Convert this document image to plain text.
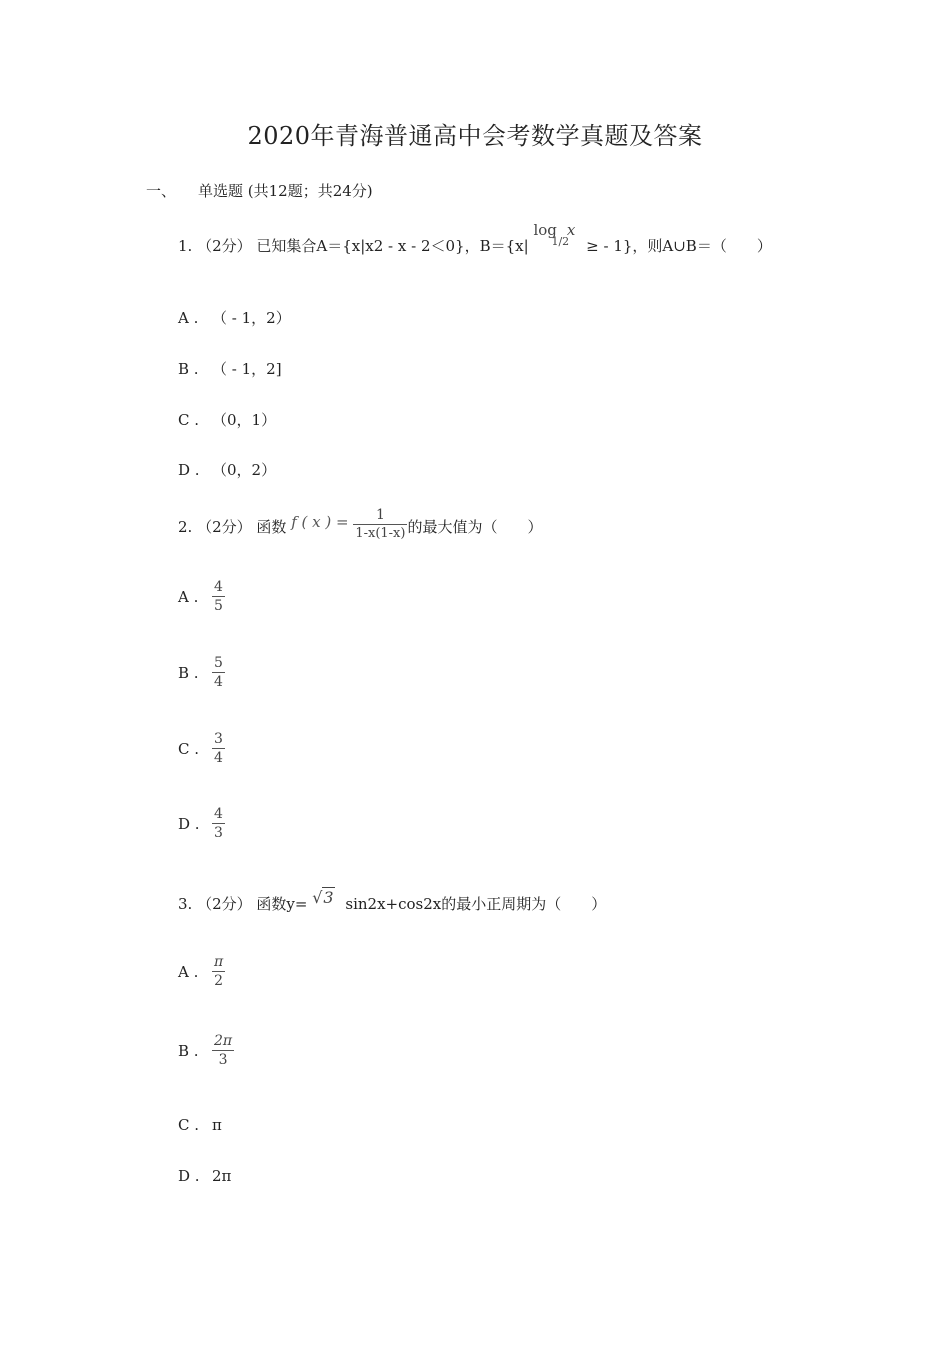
2020年青海普通高中会考数学真题及答案
一、 单选题 (共12题；共24分)
1. （2分） 已知集合A＝{x|x2 - x - 2＜0}，B＝{x|
log x
1/2	≥ - 1}，则A∪B＝（　　）
A . （ - 1，2）
B . （ - 1，2]
C . （0，1）
D . （0，2）
2. （2分） 函数 f ( x ) = $\frac{1}{1-x(1-x)}$ 的最大值为（　　）
A . $\frac{4}{5}$
B . $\frac{5}{4}$
C . $\frac{3}{4}$
D . $\frac{4}{3}$
3. （2分） 函数y= √3 sin2x+cos2x的最小正周期为（　　）
A . $\frac{\pi}{2}$
B . $\frac{2\pi}{3}$
C . π
D . 2π
